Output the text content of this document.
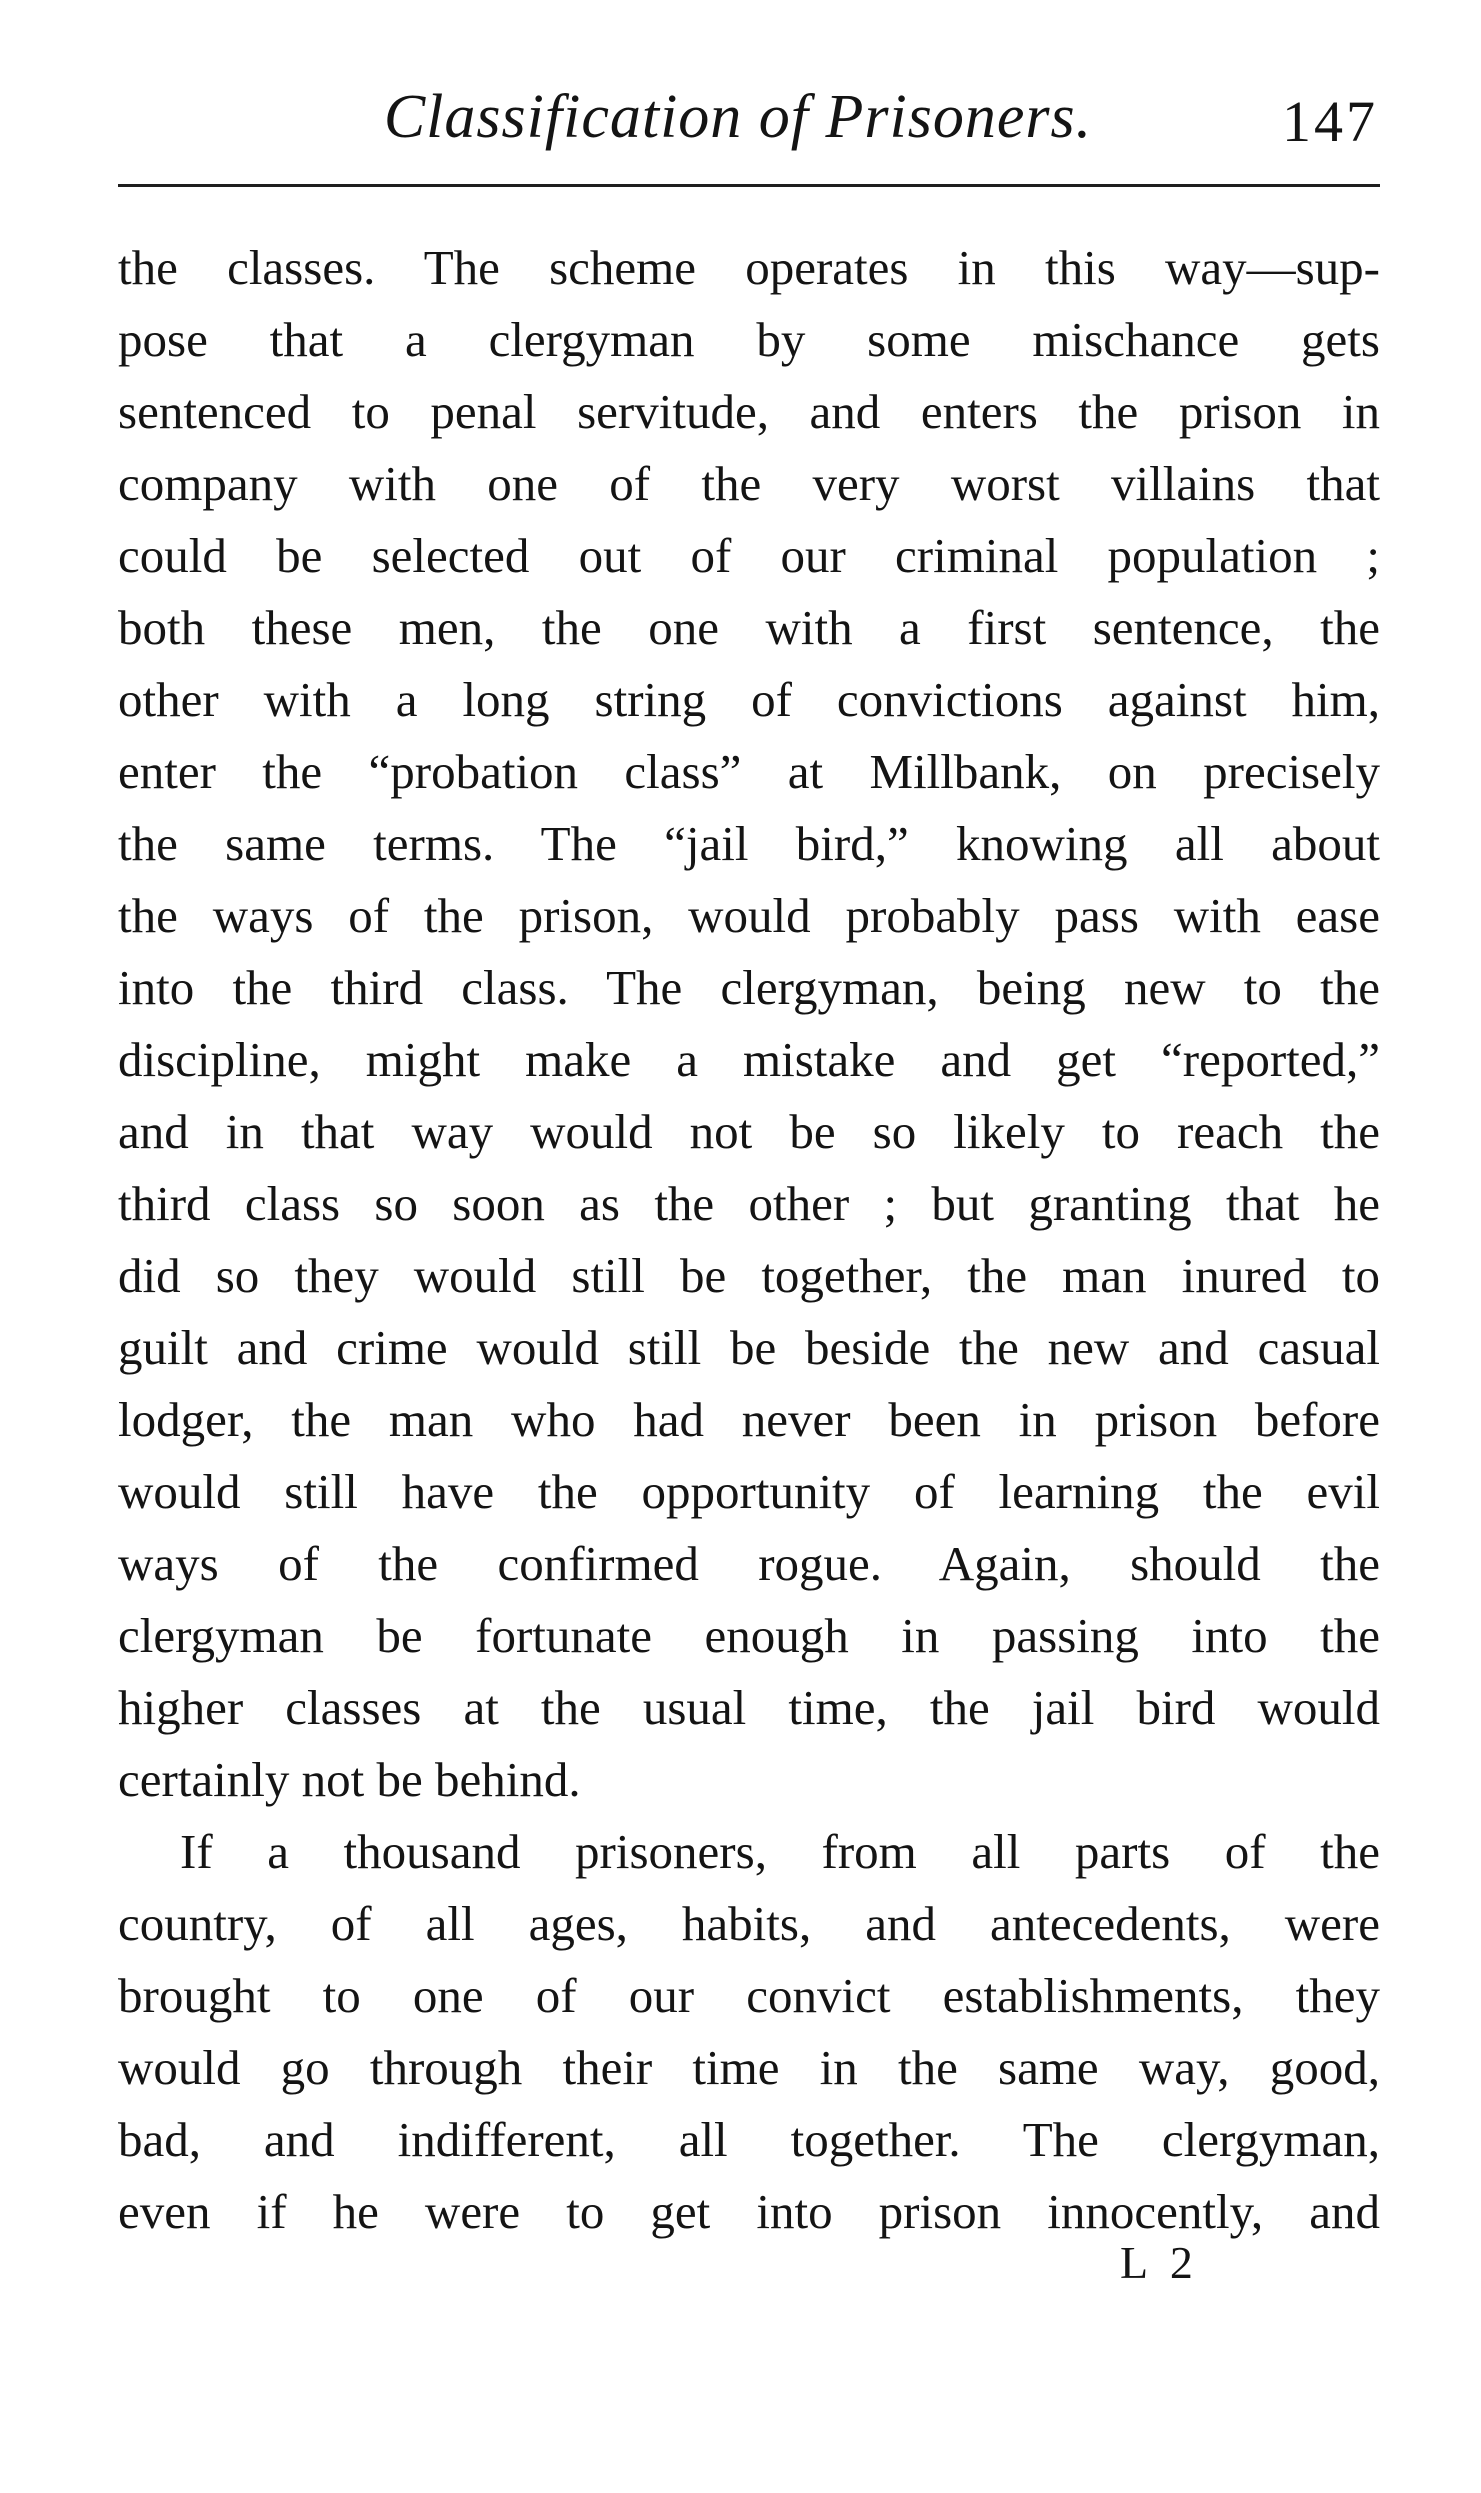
Classification of Prisoners.	147
the classes. The scheme operates in this way—sup-
pose that a clergyman by some mischance gets
sentenced to penal servitude, and enters the prison in
company with one of the very worst villains that
could be selected out of our criminal population ;
both these men, the one with a first sentence, the
other with a long string of convictions against him,
enter the “probation class” at Millbank, on precisely
the same terms. The “jail bird,” knowing all about
the ways of the prison, would probably pass with ease
into the third class. The clergyman, being new to the
discipline, might make a mistake and get “reported,”
and in that way would not be so likely to reach the
third class so soon as the other ; but granting that he
did so they would still be together, the man inured to
guilt and crime would still be beside the new and casual
lodger, the man who had never been in prison before
would still have the opportunity of learning the evil
ways of the confirmed rogue. Again, should the
clergyman be fortunate enough in passing into the
higher classes at the usual time, the jail bird would
certainly not be behind.
If a thousand prisoners, from all parts of the
country, of all ages, habits, and antecedents, were
brought to one of our convict establishments, they
would go through their time in the same way, good,
bad, and indifferent, all together. The clergyman,
even if he were to get into prison innocently, and
L 2
